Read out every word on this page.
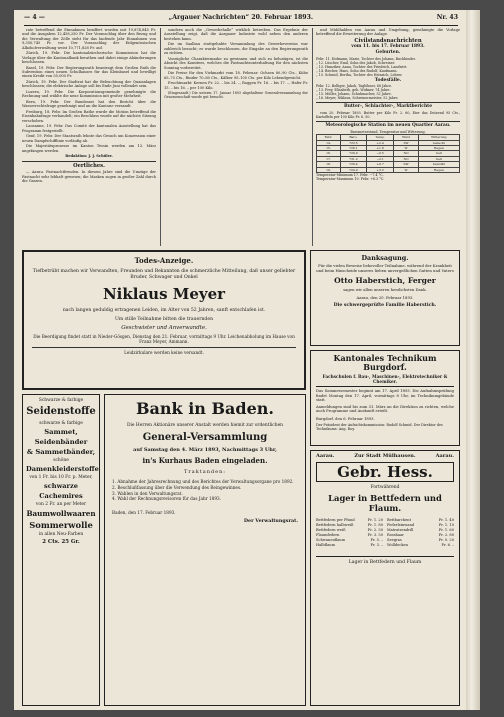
— 4 —	„Argauer Nachrichten“ 20. Februar 1893.	Nr. 43

rate betreffend die Einnahmen beziffert worden mit 19,874,845 Fr. und die Ausgaben 12,458,250 Fr. Der Voranschlag über den Bezug und die Verwaltung der Zölle sieht für das laufende Jahr Einnahmen von 9,350,745 Fr. vor. Der Voranschlag der Eidgenössischen Alkoholverwaltung weist 10,771,828 Fr. auf.

Zürich, 19. Febr. Die kantonalzürcherische Kommission hat die Vorlage über die Kantonalbank berathen und dabei einige Abänderungen beschlossen.

Basel, 19. Febr. Der Regierungsrath beantragt dem Großen Rath die Subvention eines neuen Schulhauses für das Kleinbasel und bewilligt einen Kredit von 55,000 Fr.

Zürich, 19. Febr. Der Stadtrat hat die Beleuchtung der Quaianlagen beschlossen; die elektrische Anlage soll bis Ende Juni vollendet sein.

Luzern, 19. Febr. Die Korporationsgemeinde genehmigte die Rechnung und wählte die neue Kommission mit großer Mehrheit.

Bern, 19. Febr. Der Bundesrat hat den Bericht über die Wasserrechtsfrage genehmigt und an die Kantone versandt.

Freiburg, 18. Febr. Im Großen Rathe wurde die Motion betreffend die Eisenbahnfrage verhandelt; ein Beschluss wurde auf die nächste Sitzung verschoben.

Lausanne, 19. Febr. Das Comité der kantonalen Ausstellung hat das Programm festgestellt.

Genf, 19. Febr. Der Staatsrath lehnte das Gesuch um Konzession einer neuen Dampfschifflinie vorläufig ab.

Die Majestätsprozesse im Kanton Tessin werden am 13. März angefangen werden.

Redaktion: J. J. Schüler.

Oertliches.

— Aarau. Fastnachtfreuden. In diesem Jahre sind die Umzüge der Fastnacht sehr lebhaft gewesen; die Masken zogen in großer Zahl durch die Gassen.

sondern auch die „Gewerbehalle“ wirklich betreiben. Das Ergebnis der Ausstellung zeigt, daß die Aargauer Industrie wohl neben den anderen bestehen kann.

Die im Saalbau stattgehabte Versammlung des Gewerbevereins war zahlreich besucht; es wurde beschlossen, die Eingabe an den Regierungsrath zu richten.

Vorzügliche Charaktermaske zu gewinnen und sich zu belustigen, ist die Absicht des Komitees, welches die Fastnachtsunterhaltung für den nächsten Sonntag vorbereitet.

Die Preise für den Viehmarkt vom 18. Februar: Ochsen 80–90 Cts., Kühe 65–75 Cts., Rinder 70–80 Cts., Kälber 95–105 Cts. per Kilo Lebendgewicht.

Fruchtmarkt: Kernen Fr. 22. – bis 24. –, Roggen Fr. 16. – bis 17. –, Hafer Fr. 15. – bis 16. – per 100 Kilo.

(Eingesandt.) Die unterm 17. Januar 1893 abgehaltene Generalversammlung der Genossenschaft wurde gut besucht.

und Mühlhalden von Aarau und Umgebung, genehmigte die Vorlage betreffend die Erweiterung der Anlage.

Civilstandsnachrichten
vom 11. bis 17. Februar 1893.
Geburten.
Febr. 11. Hofmann, Marie, Tochter des Johann, Buchbinder.
„ 12. Lüscher, Emil, Sohn des Jakob, Schreiner.
„ 13. Hunziker, Anna, Tochter des Friedrich, Landwirt.
„ 14. Bircher, Hans, Sohn des Rudolf, Kaufmann.
„ 15. Schmid, Bertha, Tochter des Heinrich, Lehrer.
Todesfälle.
Febr. 12. Bolliger, Jakob, Taglöhner, 68 Jahre.
„ 13. Frey, Elisabeth, geb. Widmer, 74 Jahre.
„ 15. Müller, Johann, Schuhmacher, 52 Jahre.
„ 16. Meyer, Niklaus, Schreinermeister, 52 Jahre.
Butter-, Schlachter-, Marktberichte

vom 20. Februar 1893. Butter per Kilo Fr. 2. 60, Eier das Dutzend 95 Cts., Kartoffeln per 100 Kilo Fr. 6. 50.

Meteorologische Station im neuen Quartier Aarau.
Barometerstand, Temperatur und Witterung.
Febr.	Baro.	Temp.	Wind	Witterung
14.	723.5	+2.4	SW	bedeckt
15.	726.1	+1.8	W	Regen
16.	729.0	−0.5	NO	hell
17.	731.2	−2.1	NO	hell
18.	728.4	+0.7	SW	bewölkt
19.	724.9	+3.2	W	Regen
Temperatur-Minimum 17. Febr. −7.4 °C.
Temperatur-Maximum 19. Febr. +6.3 °C.
Todes-Anzeige.
Tiefbetrübt machen wir Verwandten, Freunden und Bekannten die schmerzliche Mitteilung, daß unser geliebter Bruder, Schwager und Onkel
Niklaus Meyer
nach langen geduldig ertragenen Leiden, im Alter von 52 Jahren, sanft entschlafen ist.
Um stille Teilnahme bitten die trauernden
Geschwister und Anverwandte.
Die Beerdigung findet statt in Nieder-Gösgen, Dienstag den 21. Februar, vormittags 9 Uhr. Leichenabholung im Hause von Franz Meyer, Ammann.
Leidzirkulare werden keine versandt.
Danksagung.
Für die vielen Beweise liebevoller Teilnahme, während der Krankheit und beim Hinscheide unseres lieben unvergeßlichen Gatten und Vaters
Otto Haberstich, Ferger
sagen wir allen unseren herzlichsten Dank.
Aarau, den 20. Februar 1893.
Die schwergeprüfte Familie Haberstich.
Kantonales Technikum Burgdorf.
Fachschulen f. Bau-, Maschinen-, Elektrotechniker & Chemiker.
Das Sommersemester beginnt am 17. April 1893. Die Aufnahmsprüfung findet Montag den 17. April, vormittags 8 Uhr, im Technikumgebäude statt.
Anmeldungen sind bis zum 31. März an die Direktion zu richten, welche auch Programme und Auskunft erteilt.
Burgdorf, den 6. Februar 1893.
Der Präsident der Aufsichtskommission: Rudolf Schmid. Der Direktor des Technikums: Aug. Roy.
Schwarze & farbige
Seidenstoffe
schwarze & farbige
Sammet, Seidenbänder
& Sammetbänder,
schöne
Damenkleiderstoffe
von 1 Fr. bis 10 Fr. p. Meter,
schwarze Cachemires
von 2 Fr. an per Meter
Baumwollwaaren
Sommerwolle
in allen Neu-Farben
2 Cts. 25 Gr.
Bank in Baden.
Die Herren Aktionäre unserer Anstalt werden hiemit zur ordentlichen
General-Versammlung
auf Samstag den 4. März 1893, Nachmittags 3 Uhr,
in's Kurhaus Baden eingeladen.
Traktanden:
1. Abnahme der Jahresrechnung und des Berichtes der Verwaltungsorgane pro 1892.
2. Beschlußfassung über die Verwendung des Reingewinnes.
3. Wahlen in den Verwaltungsrat.
4. Wahl der Rechnungsrevisoren für das Jahr 1893.
Baden, den 17. Februar 1893.
Der Verwaltungsrat.
Aarau.	Zur Stadt Mülhausen.	Aarau.
Gebr. Hess.
Fortwährend
Lager in Bettfedern und Flaum.
Bettfedern per Pfund	Fr. 1. 20
Bettfedern halbweiß	Fr. 1. 80
Bettfedern weiß	Fr. 2. 50
Flaumfedern	Fr. 3. 50
Schwanenflaum	Fr. 5. –
Halbflaum	Fr. 3. –
Bettbarchent	Fr. 1. 40
Federleinwand	Fr. 1. 10
Matratzendrill	Fr. 1. 60
Rosshaar	Fr. 2. 80
Seegras	Fr. 0. 20
Wolldecken	Fr. 6. –
Lager in Bettfedern und Flaum
